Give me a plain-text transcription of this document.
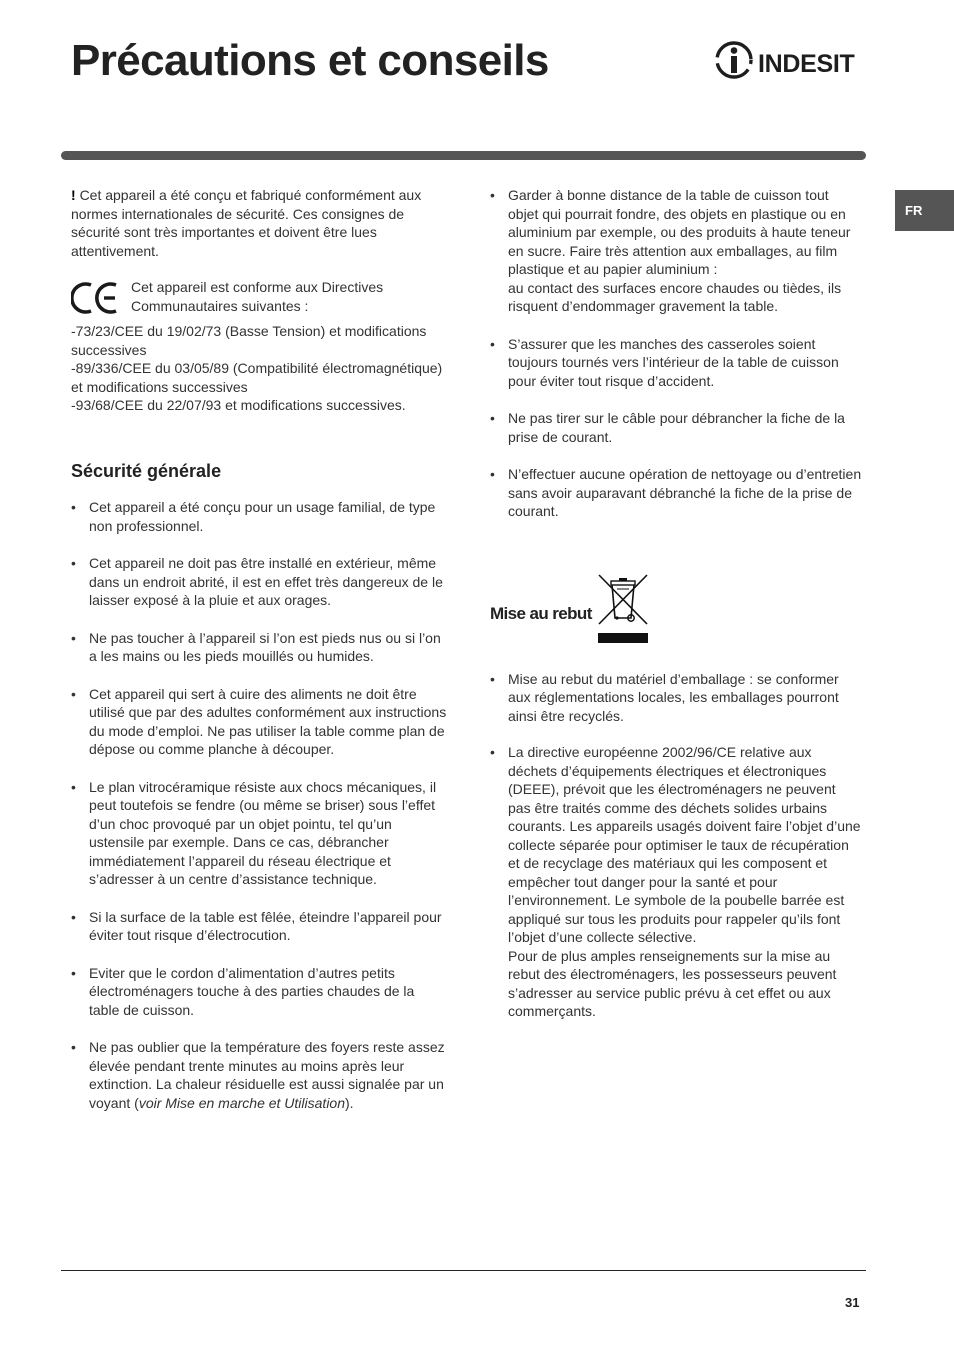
Précautions et conseils	INDESIT
FR

! Cet appareil a été conçu et fabriqué conformément aux normes internationales de sécurité. Ces consignes de sécurité sont très importantes et doivent être lues attentivement.

Cet appareil est conforme aux Directives Communautaires suivantes :

-73/23/CEE du 19/02/73 (Basse Tension) et modifications successives

-89/336/CEE du 03/05/89 (Compatibilité électromagnétique) et modifications successives

-93/68/CEE du 22/07/93 et modifications successives.

Sécurité générale
• Cet appareil a été conçu pour un usage familial, de type non professionnel.
• Cet appareil ne doit pas être installé en extérieur, même dans un endroit abrité, il est en effet très dangereux de le laisser exposé à la pluie et aux orages.
• Ne pas toucher à l’appareil si l’on est pieds nus ou si l’on a les mains ou les pieds mouillés ou humides.
• Cet appareil qui sert à cuire des aliments ne doit être utilisé que par des adultes conformément aux instructions du mode d’emploi. Ne pas utiliser la table comme plan de dépose ou comme planche à découper.
• Le plan vitrocéramique résiste aux chocs mécaniques, il peut toutefois se fendre (ou même se briser) sous l’effet d’un choc provoqué par un objet pointu, tel qu’un ustensile par exemple. Dans ce cas, débrancher immédiatement l’appareil du réseau électrique et s’adresser à un centre d’assistance technique.
• Si la surface de la table est fêlée, éteindre l’appareil pour éviter tout risque d’électrocution.
• Eviter que le cordon d’alimentation d’autres petits électroménagers touche à des parties chaudes de la table de cuisson.
• Ne pas oublier que la température des foyers reste assez élevée pendant trente minutes au moins après leur extinction. La chaleur résiduelle est aussi signalée par un voyant (voir Mise en marche et Utilisation).
• Garder à bonne distance de la table de cuisson tout objet qui pourrait fondre, des objets en plastique ou en aluminium par exemple, ou des produits à haute teneur en sucre. Faire très attention aux emballages, au film plastique et au papier aluminium :

au contact des surfaces encore chaudes ou tièdes, ils risquent d’endommager gravement la table.

• S’assurer que les manches des casseroles soient toujours tournés vers l’intérieur de la table de cuisson pour éviter tout risque d’accident.
• Ne pas tirer sur le câble pour débrancher la fiche de la prise de courant.
• N’effectuer aucune opération de nettoyage ou d’entretien sans avoir auparavant débranché la fiche de la prise de courant.
Mise au rebut
• Mise au rebut du matériel d’emballage : se conformer aux réglementations locales, les emballages pourront ainsi être recyclés.
• La directive européenne 2002/96/CE relative aux déchets d’équipements électriques et électroniques (DEEE), prévoit que les électroménagers ne peuvent pas être traités comme des déchets solides urbains courants. Les appareils usagés doivent faire l’objet d’une collecte séparée pour optimiser le taux de récupération et de recyclage des matériaux qui les composent et empêcher tout danger pour la santé et pour l’environnement. Le symbole de la poubelle barrée est appliqué sur tous les produits pour rappeler qu’ils font l’objet d’une collecte sélective.

Pour de plus amples renseignements sur la mise au rebut des électroménagers, les possesseurs peuvent s’adresser au service public prévu à cet effet ou aux commerçants.

31
